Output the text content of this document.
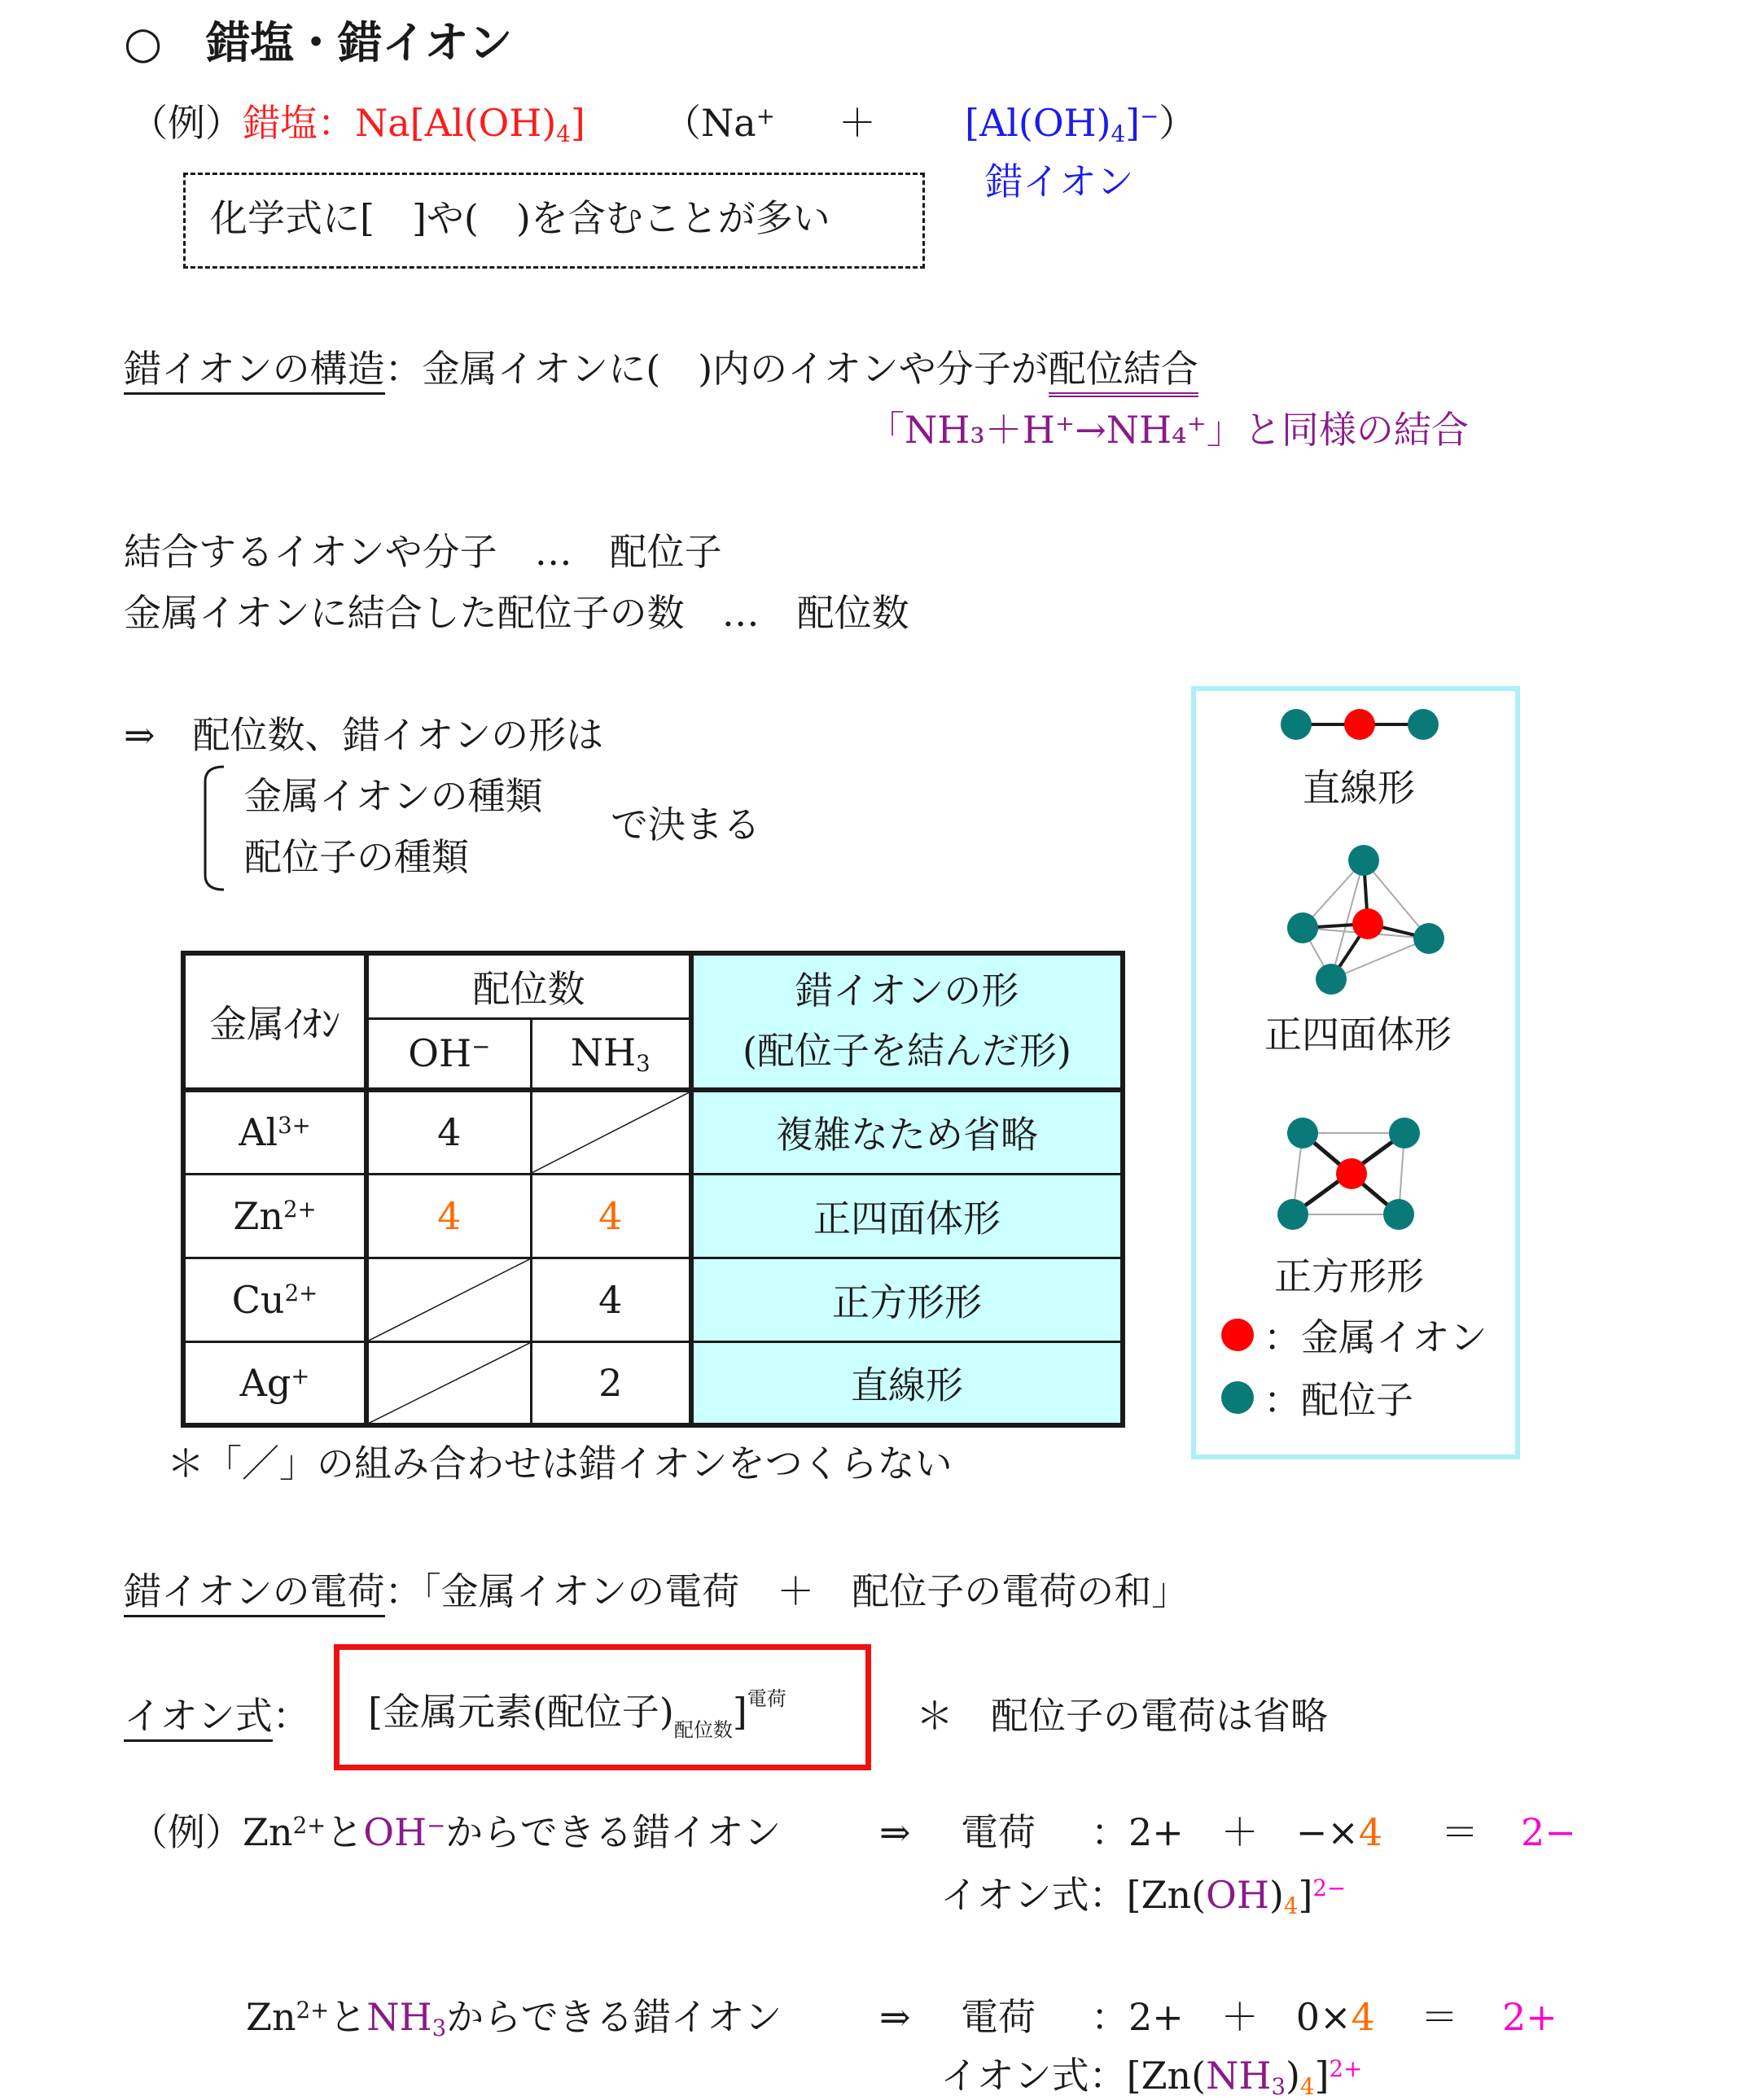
○　錯塩・錯イオン
（例）錯塩：$Na[Al(OH)_4] (Na^+ + [Al(OH)_4]^-)$
錯イオン
化学式に[　]や(　)を含むことが多い
錯イオンの構造：金属イオンに(　)内のイオンや分子が配位結合
「NH₃＋H⁺→NH₄⁺」と同様の結合
結合するイオンや分子　…　配位子
金属イオンに結合した配位子の数　…　配位数
⇒　配位数、錯イオンの形は
金属イオンの種類
配位子の種類
で決まる
金属ｲｵﾝ	配位数		錯イオンの形
(配位子を結んだ形)

	OH−	$NH_3$
$Al^{3+}$	4		複雑なため省略
$Zn^{2+}$	4	4	正四面体形
$Cu^{2+}$		4	正方形形
Ag+		2	直線形
＊「／」の組み合わせは錯イオンをつくらない
直線形
正四面体形
正方形形
：金属イオン
：配位子
錯イオンの電荷：「金属イオンの電荷　＋　配位子の電荷の和」
イオン式： [金属元素(配位子)$_{配位数}]^{電荷}$	＊　配位子の電荷は省略
（例）$Zn^{2+}$とOH−からできる錯イオン	⇒ 電荷 ：2+　＋　−×4 ＝ 2−
イオン式：$[Zn(OH)_4]^{2-}$
$Zn^{2+}$と$NH_3$からできる錯イオン	⇒ 電荷 ：2+　＋　0×4 ＝ 2+
イオン式：$[Zn(NH_3)_4]^{2+}$
